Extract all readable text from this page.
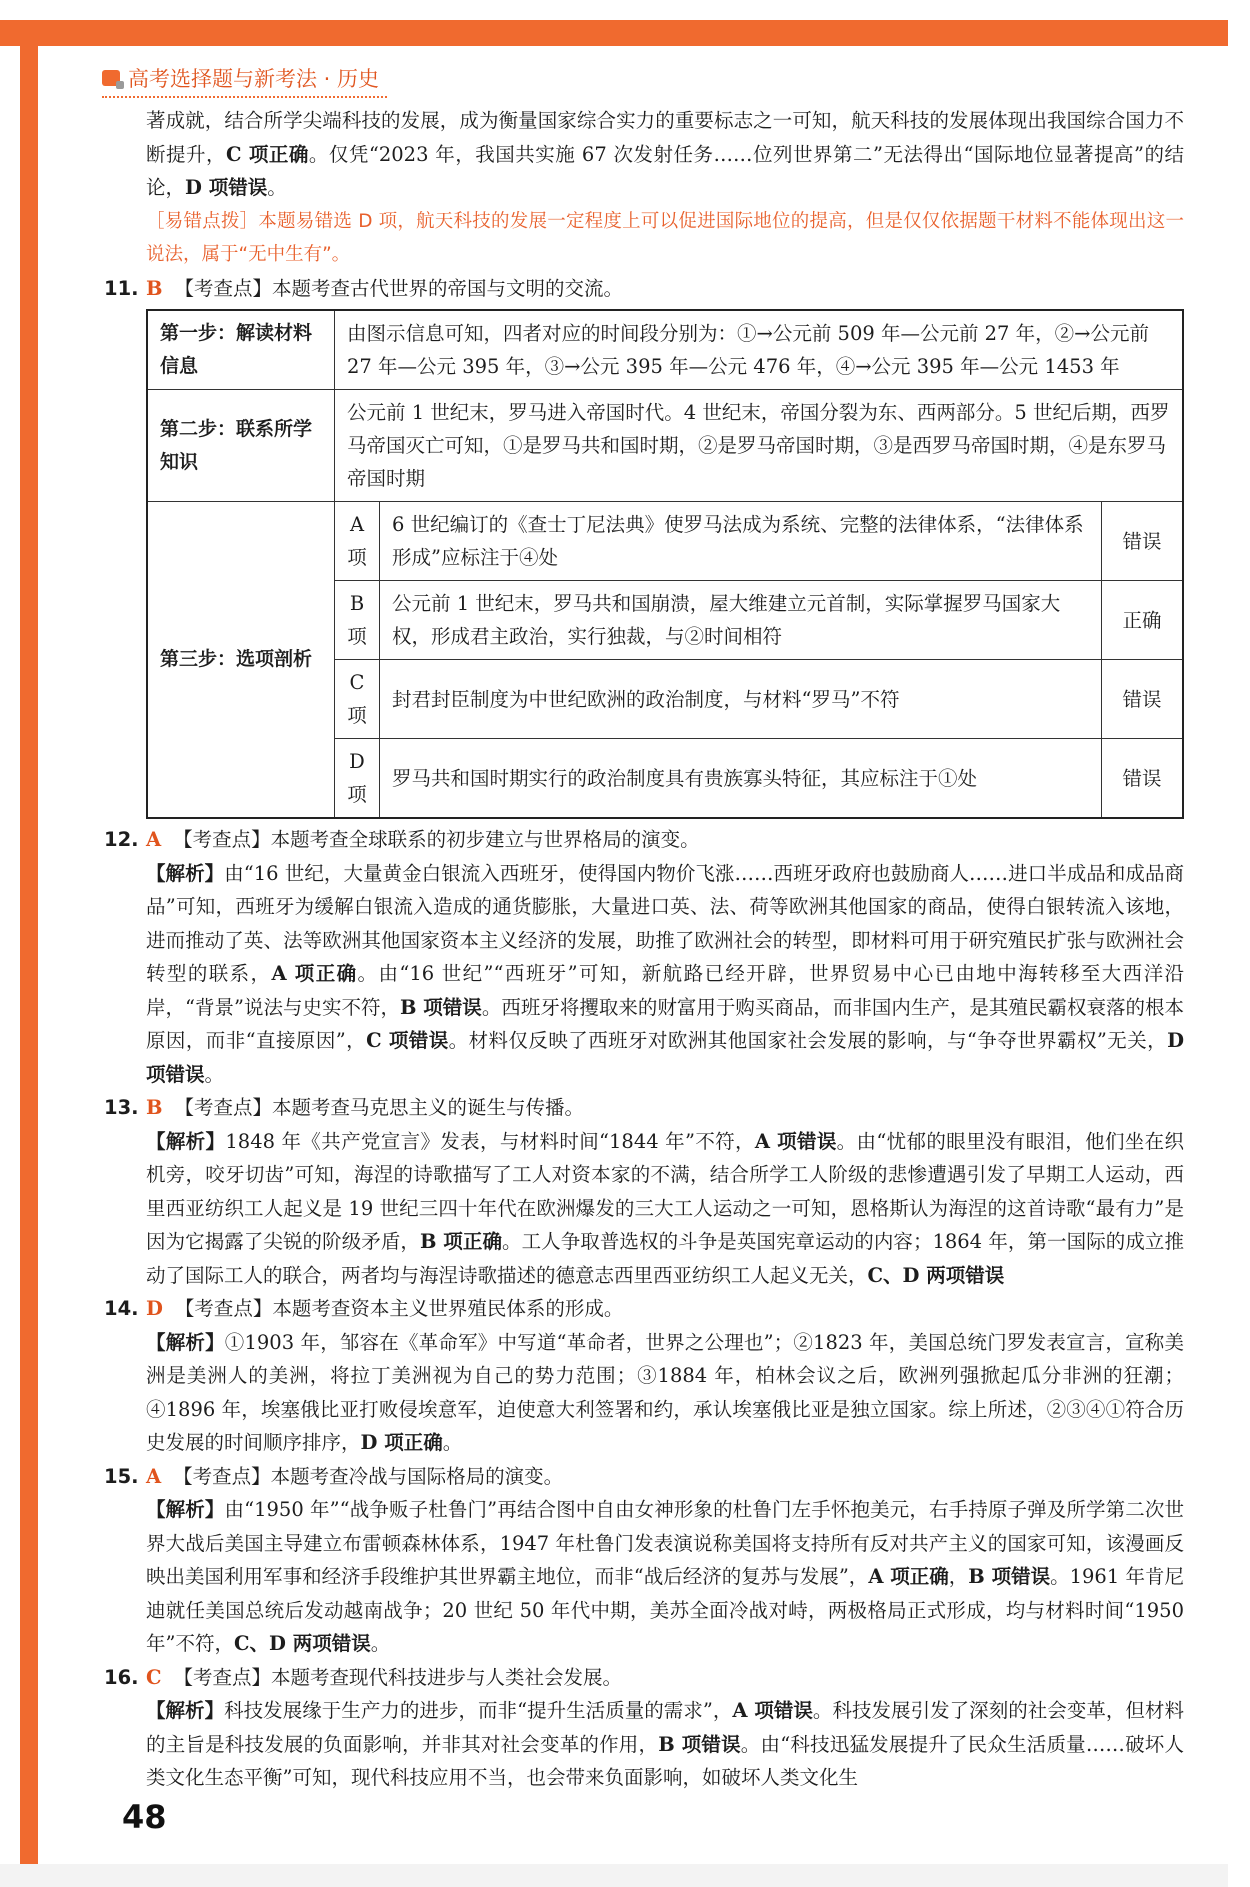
高考选择题与新考法 · 历史

著成就，结合所学尖端科技的发展，成为衡量国家综合实力的重要标志之一可知，航天科技的发展体现出我国综合国力不断提升，C 项正确。仅凭“2023 年，我国共实施 67 次发射任务……位列世界第二”无法得出“国际地位显著提高”的结论，D 项错误。

［易错点拨］本题易错选 D 项，航天科技的发展一定程度上可以促进国际地位的提高，但是仅仅依据题干材料不能体现出这一说法，属于“无中生有”。

11. B 【考查点】本题考查古代世界的帝国与文明的交流。

第一步：解读材料信息	由图示信息可知，四者对应的时间段分别为：①→公元前 509 年—公元前 27 年，②→公元前 27 年—公元 395 年，③→公元 395 年—公元 476 年，④→公元 395 年—公元 1453 年		
第二步：联系所学知识	公元前 1 世纪末，罗马进入帝国时代。4 世纪末，帝国分裂为东、西两部分。5 世纪后期，西罗马帝国灭亡可知，①是罗马共和国时期，②是罗马帝国时期，③是西罗马帝国时期，④是东罗马帝国时期		
第三步：选项剖析	A 项	6 世纪编订的《查士丁尼法典》使罗马法成为系统、完整的法律体系，“法律体系形成”应标注于④处	错误
	B 项	公元前 1 世纪末，罗马共和国崩溃，屋大维建立元首制，实际掌握罗马国家大权，形成君主政治，实行独裁，与②时间相符	正确
	C 项	封君封臣制度为中世纪欧洲的政治制度，与材料“罗马”不符	错误
	D 项	罗马共和国时期实行的政治制度具有贵族寡头特征，其应标注于①处	错误

12. A 【考查点】本题考查全球联系的初步建立与世界格局的演变。

【解析】由“16 世纪，大量黄金白银流入西班牙，使得国内物价飞涨……西班牙政府也鼓励商人……进口半成品和成品商品”可知，西班牙为缓解白银流入造成的通货膨胀，大量进口英、法、荷等欧洲其他国家的商品，使得白银转流入该地，进而推动了英、法等欧洲其他国家资本主义经济的发展，助推了欧洲社会的转型，即材料可用于研究殖民扩张与欧洲社会转型的联系，A 项正确。由“16 世纪”“西班牙”可知，新航路已经开辟，世界贸易中心已由地中海转移至大西洋沿岸，“背景”说法与史实不符，B 项错误。西班牙将攫取来的财富用于购买商品，而非国内生产，是其殖民霸权衰落的根本原因，而非“直接原因”，C 项错误。材料仅反映了西班牙对欧洲其他国家社会发展的影响，与“争夺世界霸权”无关，D 项错误。

13. B 【考查点】本题考查马克思主义的诞生与传播。

【解析】1848 年《共产党宣言》发表，与材料时间“1844 年”不符，A 项错误。由“忧郁的眼里没有眼泪，他们坐在织机旁，咬牙切齿”可知，海涅的诗歌描写了工人对资本家的不满，结合所学工人阶级的悲惨遭遇引发了早期工人运动，西里西亚纺织工人起义是 19 世纪三四十年代在欧洲爆发的三大工人运动之一可知，恩格斯认为海涅的这首诗歌“最有力”是因为它揭露了尖锐的阶级矛盾，B 项正确。工人争取普选权的斗争是英国宪章运动的内容；1864 年，第一国际的成立推动了国际工人的联合，两者均与海涅诗歌描述的德意志西里西亚纺织工人起义无关，C、D 两项错误

14. D 【考查点】本题考查资本主义世界殖民体系的形成。

【解析】①1903 年，邹容在《革命军》中写道“革命者，世界之公理也”；②1823 年，美国总统门罗发表宣言，宣称美洲是美洲人的美洲，将拉丁美洲视为自己的势力范围；③1884 年，柏林会议之后，欧洲列强掀起瓜分非洲的狂潮；④1896 年，埃塞俄比亚打败侵埃意军，迫使意大利签署和约，承认埃塞俄比亚是独立国家。综上所述，②③④①符合历史发展的时间顺序排序，D 项正确。

15. A 【考查点】本题考查冷战与国际格局的演变。

【解析】由“1950 年”“战争贩子杜鲁门”再结合图中自由女神形象的杜鲁门左手怀抱美元，右手持原子弹及所学第二次世界大战后美国主导建立布雷顿森林体系，1947 年杜鲁门发表演说称美国将支持所有反对共产主义的国家可知，该漫画反映出美国利用军事和经济手段维护其世界霸主地位，而非“战后经济的复苏与发展”，A 项正确，B 项错误。1961 年肯尼迪就任美国总统后发动越南战争；20 世纪 50 年代中期，美苏全面冷战对峙，两极格局正式形成，均与材料时间“1950 年”不符，C、D 两项错误。

16. C 【考查点】本题考查现代科技进步与人类社会发展。

【解析】科技发展缘于生产力的进步，而非“提升生活质量的需求”，A 项错误。科技发展引发了深刻的社会变革，但材料的主旨是科技发展的负面影响，并非其对社会变革的作用，B 项错误。由“科技迅猛发展提升了民众生活质量……破坏人类文化生态平衡”可知，现代科技应用不当，也会带来负面影响，如破坏人类文化生

48
